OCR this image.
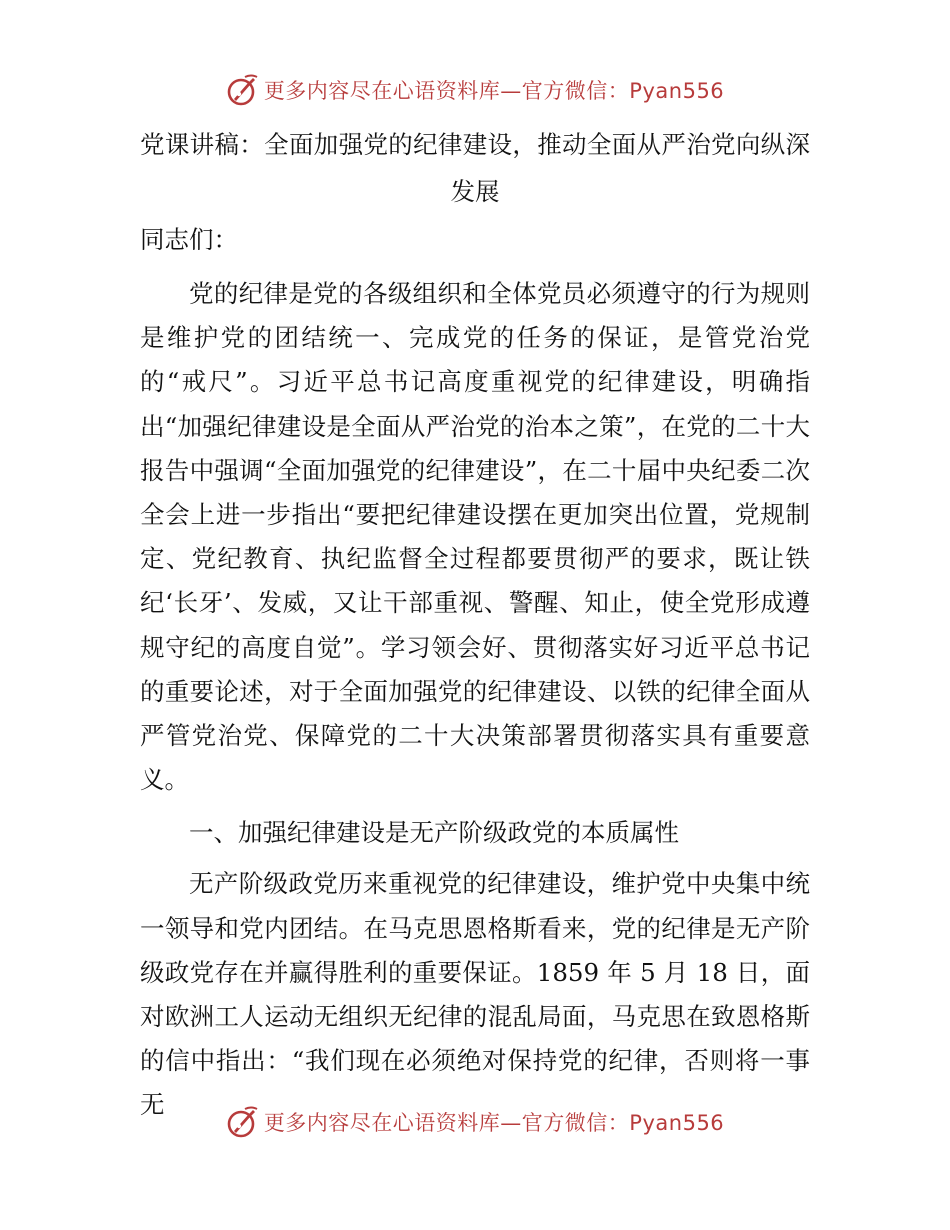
更多内容尽在心语资料库—官方微信：Pyan556
党课讲稿：全面加强党的纪律建设，推动全面从严治党向纵深发展

同志们：

党的纪律是党的各级组织和全体党员必须遵守的行为规则是维护党的团结统一、完成党的任务的保证，是管党治党的“戒尺”。习近平总书记高度重视党的纪律建设，明确指出“加强纪律建设是全面从严治党的治本之策”，在党的二十大报告中强调“全面加强党的纪律建设”，在二十届中央纪委二次全会上进一步指出“要把纪律建设摆在更加突出位置，党规制定、党纪教育、执纪监督全过程都要贯彻严的要求，既让铁纪‘长牙’、发威，又让干部重视、警醒、知止，使全党形成遵规守纪的高度自觉”。学习领会好、贯彻落实好习近平总书记的重要论述，对于全面加强党的纪律建设、以铁的纪律全面从严管党治党、保障党的二十大决策部署贯彻落实具有重要意义。

一、加强纪律建设是无产阶级政党的本质属性

无产阶级政党历来重视党的纪律建设，维护党中央集中统一领导和党内团结。在马克思恩格斯看来，党的纪律是无产阶级政党存在并赢得胜利的重要保证。1859 年 5 月 18 日，面对欧洲工人运动无组织无纪律的混乱局面，马克思在致恩格斯的信中指出：“我们现在必须绝对保持党的纪律，否则将一事无

更多内容尽在心语资料库—官方微信：Pyan556
